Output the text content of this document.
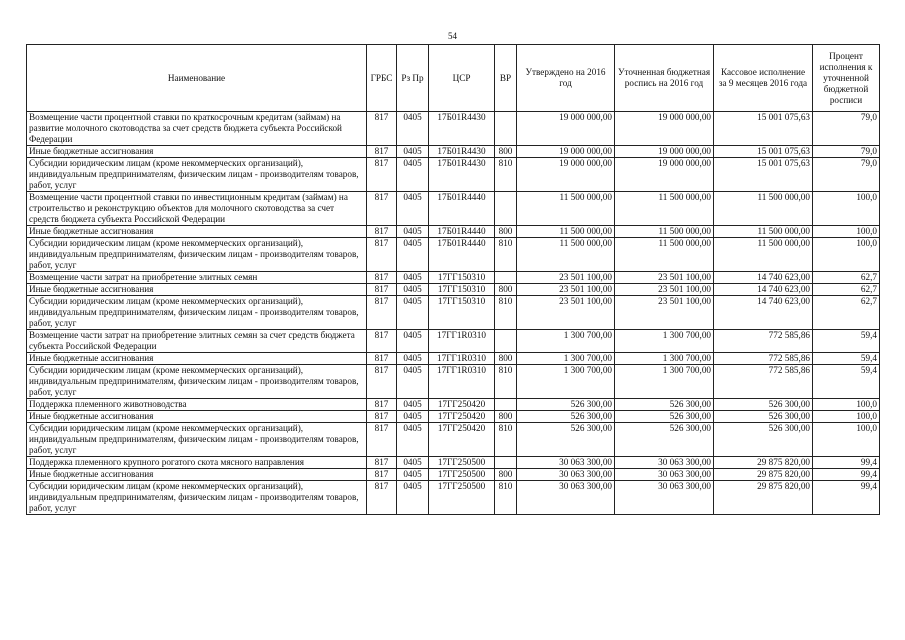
54
Наименование	ГРБС	Рз Пр	ЦСР	ВР	Утверждено на 2016 год	Уточненная бюджетная роспись на 2016 год	Кассовое исполнение за 9 месяцев 2016 года	Процент исполнения к уточненной бюджетной росписи
Возмещение части процентной ставки по краткосрочным кредитам (займам) на развитие молочного скотоводства за счет средств бюджета субъекта Российской Федерации	817	0405	17Б01R4430		19 000 000,00	19 000 000,00	15 001 075,63	79,0
Иные бюджетные ассигнования	817	0405	17Б01R4430	800	19 000 000,00	19 000 000,00	15 001 075,63	79,0
Субсидии юридическим лицам (кроме некоммерческих организаций), индивидуальным предпринимателям, физическим лицам - производителям товаров, работ, услуг	817	0405	17Б01R4430	810	19 000 000,00	19 000 000,00	15 001 075,63	79,0
Возмещение части процентной ставки по инвестиционным кредитам (займам) на строительство и реконструкцию объектов для молочного скотоводства за счет средств бюджета субъекта Российской Федерации	817	0405	17Б01R4440		11 500 000,00	11 500 000,00	11 500 000,00	100,0
Иные бюджетные ассигнования	817	0405	17Б01R4440	800	11 500 000,00	11 500 000,00	11 500 000,00	100,0
Субсидии юридическим лицам (кроме некоммерческих организаций), индивидуальным предпринимателям, физическим лицам - производителям товаров, работ, услуг	817	0405	17Б01R4440	810	11 500 000,00	11 500 000,00	11 500 000,00	100,0
Возмещение части затрат на приобретение элитных семян	817	0405	17ГГ150310		23 501 100,00	23 501 100,00	14 740 623,00	62,7
Иные бюджетные ассигнования	817	0405	17ГГ150310	800	23 501 100,00	23 501 100,00	14 740 623,00	62,7
Субсидии юридическим лицам (кроме некоммерческих организаций), индивидуальным предпринимателям, физическим лицам - производителям товаров, работ, услуг	817	0405	17ГГ150310	810	23 501 100,00	23 501 100,00	14 740 623,00	62,7
Возмещение части затрат на приобретение элитных семян за счет средств бюджета субъекта Российской Федерации	817	0405	17ГГ1R0310		1 300 700,00	1 300 700,00	772 585,86	59,4
Иные бюджетные ассигнования	817	0405	17ГГ1R0310	800	1 300 700,00	1 300 700,00	772 585,86	59,4
Субсидии юридическим лицам (кроме некоммерческих организаций), индивидуальным предпринимателям, физическим лицам - производителям товаров, работ, услуг	817	0405	17ГГ1R0310	810	1 300 700,00	1 300 700,00	772 585,86	59,4
Поддержка племенного животноводства	817	0405	17ГГ250420		526 300,00	526 300,00	526 300,00	100,0
Иные бюджетные ассигнования	817	0405	17ГГ250420	800	526 300,00	526 300,00	526 300,00	100,0
Субсидии юридическим лицам (кроме некоммерческих организаций), индивидуальным предпринимателям, физическим лицам - производителям товаров, работ, услуг	817	0405	17ГГ250420	810	526 300,00	526 300,00	526 300,00	100,0
Поддержка племенного крупного рогатого скота мясного направления	817	0405	17ГГ250500		30 063 300,00	30 063 300,00	29 875 820,00	99,4
Иные бюджетные ассигнования	817	0405	17ГГ250500	800	30 063 300,00	30 063 300,00	29 875 820,00	99,4
Субсидии юридическим лицам (кроме некоммерческих организаций), индивидуальным предпринимателям, физическим лицам - производителям товаров, работ, услуг	817	0405	17ГГ250500	810	30 063 300,00	30 063 300,00	29 875 820,00	99,4
